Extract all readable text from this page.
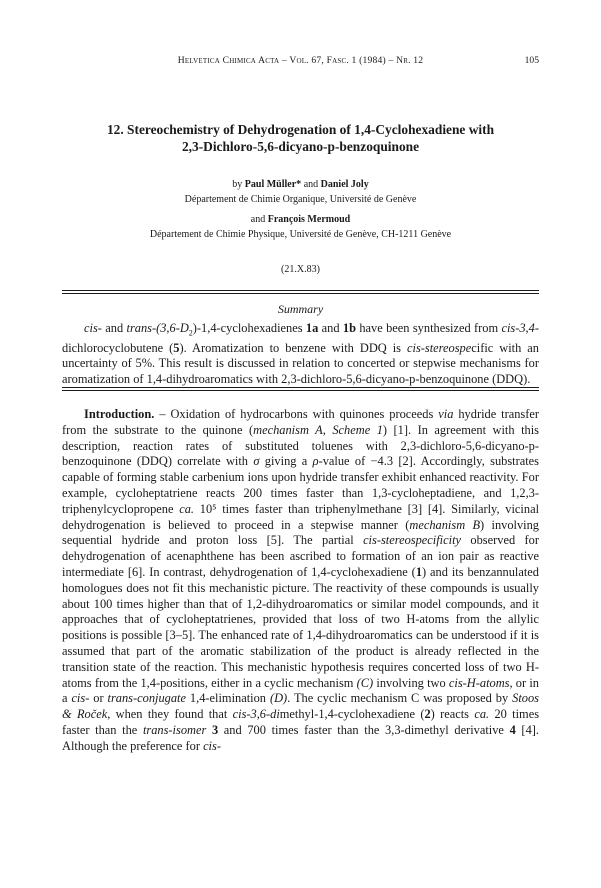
Helvetica Chimica Acta – Vol. 67, Fasc. 1 (1984) – Nr. 12	105
12. Stereochemistry of Dehydrogenation of 1,4-Cyclohexadiene with
2,3-Dichloro-5,6-dicyano-p-benzoquinone
by Paul Müller* and Daniel Joly
Département de Chimie Organique, Université de Genève
and François Mermoud
Département de Chimie Physique, Université de Genève, CH-1211 Genève
(21.X.83)
Summary
cis- and trans-$(3,6-D_2)-1,4$-cyclohexadienes 1a and 1b have been synthesized from cis-3,4-dichlorocyclobutene (5). Aromatization to benzene with DDQ is cis-stereospecific with an uncertainty of 5%. This result is discussed in relation to concerted or stepwise mechanisms for aromatization of 1,4-dihydroaromatics with 2,3-dichloro-5,6-dicyano-p-benzoquinone (DDQ).
Introduction. – Oxidation of hydrocarbons with quinones proceeds via hydride transfer from the substrate to the quinone (mechanism A, Scheme 1) [1]. In agreement with this description, reaction rates of substituted toluenes with 2,3-dichloro-5,6-dicyano-p-benzoquinone (DDQ) correlate with σ giving a ρ-value of −4.3 [2]. Accordingly, substrates capable of forming stable carbenium ions upon hydride transfer exhibit enhanced reactivity. For example, cycloheptatriene reacts 200 times faster than 1,3-cycloheptadiene, and 1,2,3-triphenylcyclopropene ca. 10⁵ times faster than triphenylmethane [3] [4]. Similarly, vicinal dehydrogenation is believed to proceed in a stepwise manner (mechanism B) involving sequential hydride and proton loss [5]. The partial cis-stereospecificity observed for dehydrogenation of acenaphthene has been ascribed to formation of an ion pair as reactive intermediate [6]. In contrast, dehydrogenation of 1,4-cyclohexadiene (1) and its benzannulated homologues does not fit this mechanistic picture. The reactivity of these compounds is usually about 100 times higher than that of 1,2-dihydroaromatics or similar model compounds, and it approaches that of cycloheptatrienes, provided that loss of two H-atoms from the allylic positions is possible [3–5]. The enhanced rate of 1,4-dihydroaromatics can be understood if it is assumed that part of the aromatic stabilization of the product is already reflected in the transition state of the reaction. This mechanistic hypothesis requires concerted loss of two H-atoms from the 1,4-positions, either in a cyclic mechanism (C) involving two cis-H-atoms, or in a cis- or trans-conjugate 1,4-elimination (D). The cyclic mechanism C was proposed by Stoos & Roček, when they found that cis-3,6-dimethyl-1,4-cyclohexadiene (2) reacts ca. 20 times faster than the trans-isomer 3 and 700 times faster than the 3,3-dimethyl derivative 4 [4]. Although the preference for cis-
